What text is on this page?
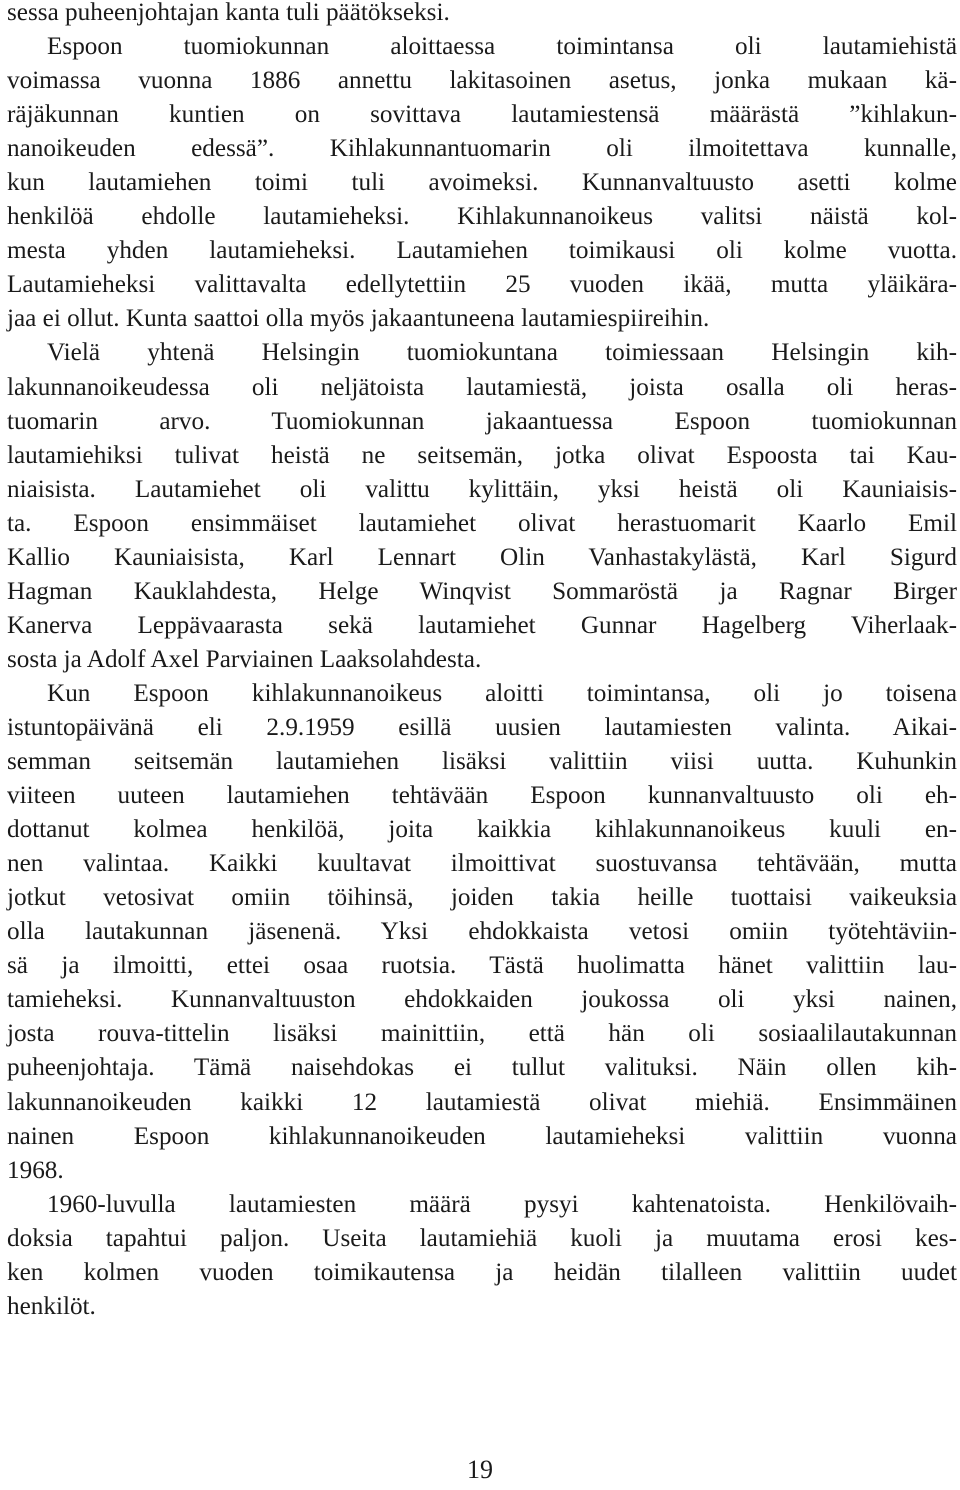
sessa puheenjohtajan kanta tuli päätökseksi.
Espoon tuomiokunnan aloittaessa toimintansa oli lautamiehistä
voimassa vuonna 1886 annettu lakitasoinen asetus, jonka mukaan kä-
räjäkunnan kuntien on sovittava lautamiestensä määrästä ”kihlakun-
nanoikeuden edessä”. Kihlakunnantuomarin oli ilmoitettava kunnalle,
kun lautamiehen toimi tuli avoimeksi. Kunnanvaltuusto asetti kolme
henkilöä ehdolle lautamieheksi. Kihlakunnanoikeus valitsi näistä kol-
mesta yhden lautamieheksi. Lautamiehen toimikausi oli kolme vuotta.
Lautamieheksi valittavalta edellytettiin 25 vuoden ikää, mutta yläikära-
jaa ei ollut. Kunta saattoi olla myös jakaantuneena lautamiespiireihin.
Vielä yhtenä Helsingin tuomiokuntana toimiessaan Helsingin kih-
lakunnanoikeudessa oli neljätoista lautamiestä, joista osalla oli heras-
tuomarin arvo. Tuomiokunnan jakaantuessa Espoon tuomiokunnan
lautamiehiksi tulivat heistä ne seitsemän, jotka olivat Espoosta tai Kau-
niaisista. Lautamiehet oli valittu kylittäin, yksi heistä oli Kauniaisis-
ta. Espoon ensimmäiset lautamiehet olivat herastuomarit Kaarlo Emil
Kallio Kauniaisista, Karl Lennart Olin Vanhastakylästä, Karl Sigurd
Hagman Kauklahdesta, Helge Winqvist Sommaröstä ja Ragnar Birger
Kanerva Leppävaarasta sekä lautamiehet Gunnar Hagelberg Viherlaak-
sosta ja Adolf Axel Parviainen Laaksolahdesta.
Kun Espoon kihlakunnanoikeus aloitti toimintansa, oli jo toisena
istuntopäivänä eli 2.9.1959 esillä uusien lautamiesten valinta. Aikai-
semman seitsemän lautamiehen lisäksi valittiin viisi uutta. Kuhunkin
viiteen uuteen lautamiehen tehtävään Espoon kunnanvaltuusto oli eh-
dottanut kolmea henkilöä, joita kaikkia kihlakunnanoikeus kuuli en-
nen valintaa. Kaikki kuultavat ilmoittivat suostuvansa tehtävään, mutta
jotkut vetosivat omiin töihinsä, joiden takia heille tuottaisi vaikeuksia
olla lautakunnan jäsenenä. Yksi ehdokkaista vetosi omiin työtehtäviin-
sä ja ilmoitti, ettei osaa ruotsia. Tästä huolimatta hänet valittiin lau-
tamieheksi. Kunnanvaltuuston ehdokkaiden joukossa oli yksi nainen,
josta rouva-tittelin lisäksi mainittiin, että hän oli sosiaalilautakunnan
puheenjohtaja. Tämä naisehdokas ei tullut valituksi. Näin ollen kih-
lakunnanoikeuden kaikki 12 lautamiestä olivat miehiä. Ensimmäinen
nainen Espoon kihlakunnanoikeuden lautamieheksi valittiin vuonna
1968.
1960-luvulla lautamiesten määrä pysyi kahtenatoista. Henkilövaih-
doksia tapahtui paljon. Useita lautamiehiä kuoli ja muutama erosi kes-
ken kolmen vuoden toimikautensa ja heidän tilalleen valittiin uudet
henkilöt.
19
